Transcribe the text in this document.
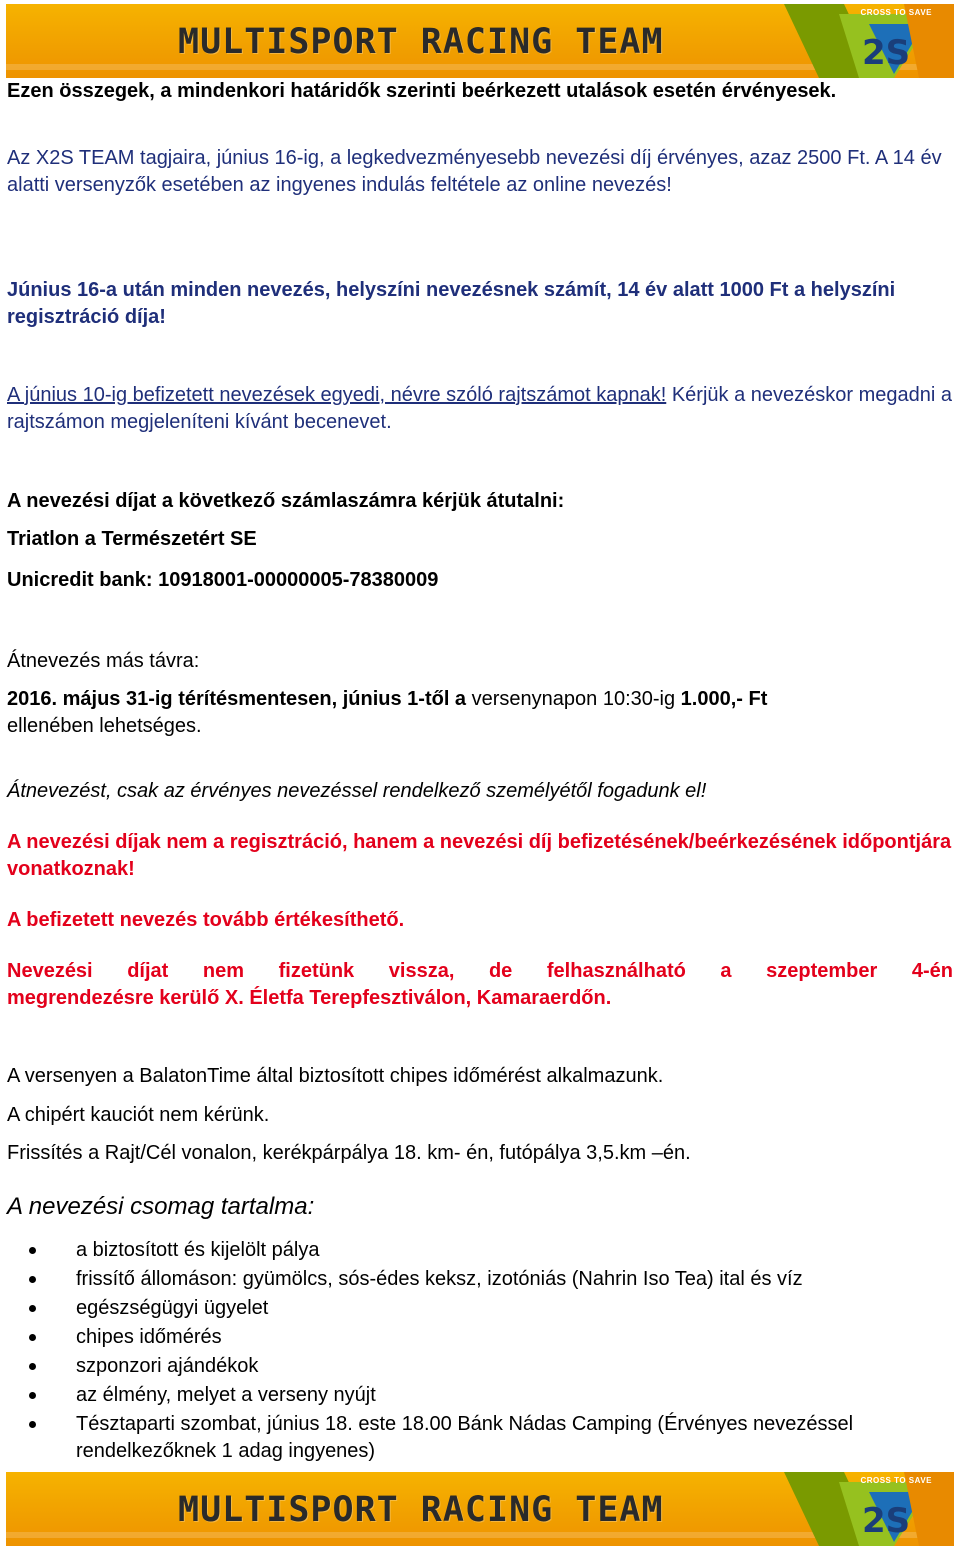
MULTISPORT RACING TEAM	2S
CROSS TO SAVE

Ezen összegek, a mindenkori határidők szerinti beérkezett utalások esetén érvényesek.

Az X2S TEAM tagjaira, június 16-ig, a legkedvezményesebb nevezési díj érvényes, azaz 2500 Ft. A 14 év alatti versenyzők esetében az ingyenes indulás feltétele az online nevezés!

Június 16-a után minden nevezés, helyszíni nevezésnek számít, 14 év alatt 1000 Ft a helyszíni regisztráció díja!

A június 10-ig befizetett nevezések egyedi, névre szóló rajtszámot kapnak! Kérjük a nevezéskor megadni a rajtszámon megjeleníteni kívánt becenevet.

A nevezési díjat a következő számlaszámra kérjük átutalni:

Triatlon a Természetért SE

Unicredit bank: 10918001-00000005-78380009

Átnevezés más távra:

2016. május 31-ig térítésmentesen, június 1-től a versenynapon 10:30-ig 1.000,- Ft
ellenében lehetséges.

Átnevezést, csak az érvényes nevezéssel rendelkező személyétől fogadunk el!

A nevezési díjak nem a regisztráció, hanem a nevezési díj befizetésének/beérkezésének időpontjára vonatkoznak!

A befizetett nevezés tovább értékesíthető.

Nevezési díjat nem fizetünk vissza, de felhasználható a szeptember 4-én
megrendezésre kerülő X. Életfa Terepfesztiválon, Kamaraerdőn.

A versenyen a BalatonTime által biztosított chipes időmérést alkalmazunk.

A chipért kauciót nem kérünk.

Frissítés a Rajt/Cél vonalon, kerékpárpálya 18. km- én, futópálya 3,5.km –én.

A nevezési csomag tartalma:

a biztosított és kijelölt pálya
frissítő állomáson: gyümölcs, sós-édes keksz, izotóniás (Nahrin Iso Tea) ital és víz
egészségügyi ügyelet
chipes időmérés
szponzori ajándékok
az élmény, melyet a verseny nyújt
Tésztaparti szombat, június 18. este 18.00 Bánk Nádas Camping (Érvényes nevezéssel rendelkezőknek 1 adag ingyenes)
MULTISPORT RACING TEAM	2S
CROSS TO SAVE
